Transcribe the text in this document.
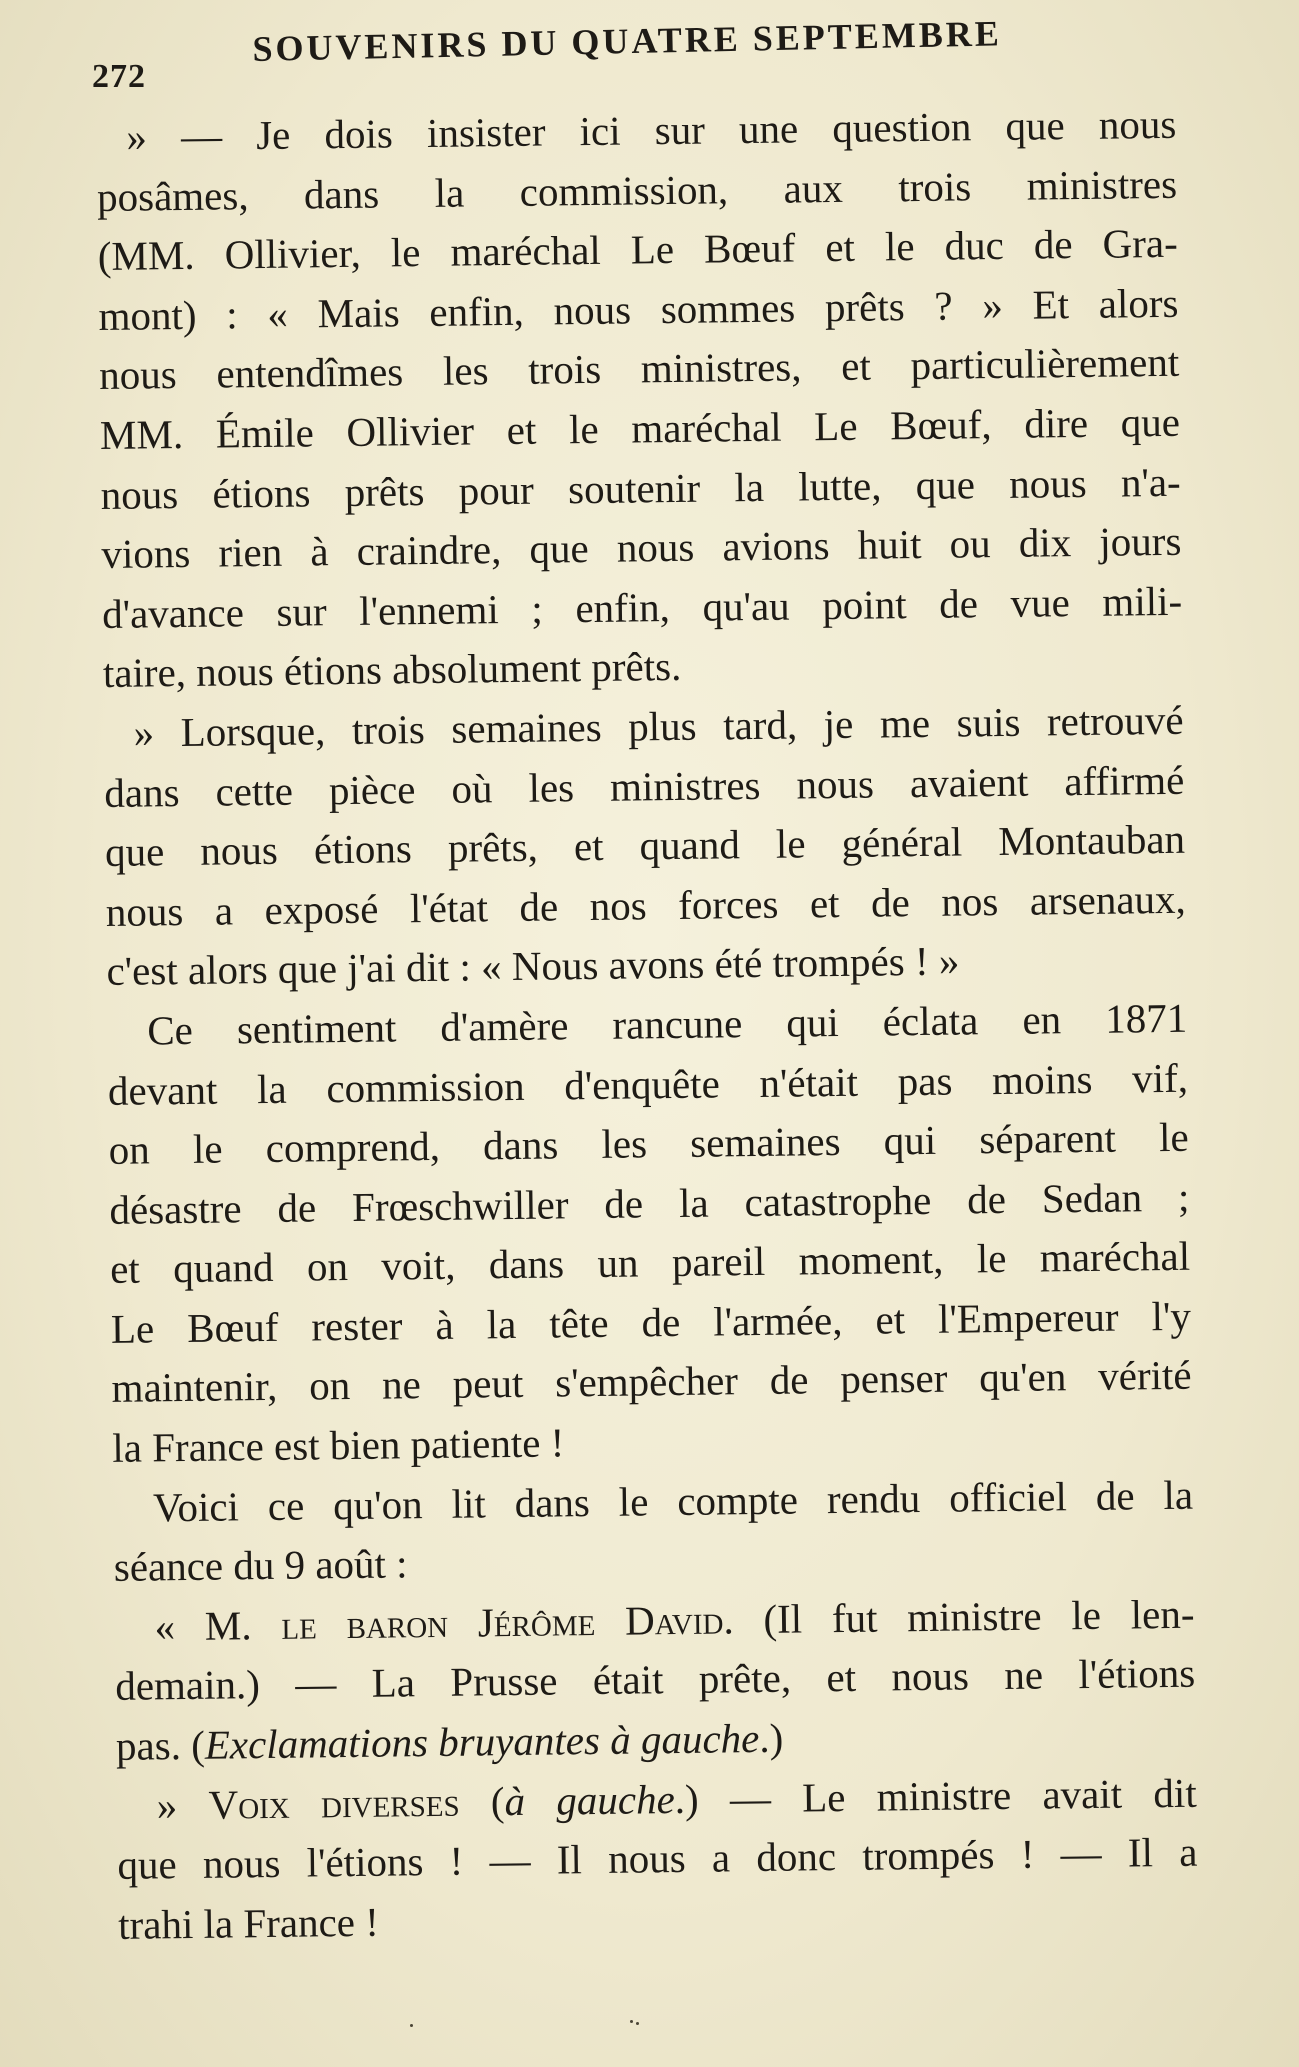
272
SOUVENIRS DU QUATRE SEPTEMBRE
» — Je dois insister ici sur une question que nous
posâmes, dans la commission, aux trois ministres
(MM. Ollivier, le maréchal Le Bœuf et le duc de Gra-
mont) : « Mais enfin, nous sommes prêts ? » Et alors
nous entendîmes les trois ministres, et particulièrement
MM. Émile Ollivier et le maréchal Le Bœuf, dire que
nous étions prêts pour soutenir la lutte, que nous n'a-
vions rien à craindre, que nous avions huit ou dix jours
d'avance sur l'ennemi ; enfin, qu'au point de vue mili-
taire, nous étions absolument prêts.
» Lorsque, trois semaines plus tard, je me suis retrouvé
dans cette pièce où les ministres nous avaient affirmé
que nous étions prêts, et quand le général Montauban
nous a exposé l'état de nos forces et de nos arsenaux,
c'est alors que j'ai dit : « Nous avons été trompés ! »
Ce sentiment d'amère rancune qui éclata en 1871
devant la commission d'enquête n'était pas moins vif,
on le comprend, dans les semaines qui séparent le
désastre de Frœschwiller de la catastrophe de Sedan ;
et quand on voit, dans un pareil moment, le maréchal
Le Bœuf rester à la tête de l'armée, et l'Empereur l'y
maintenir, on ne peut s'empêcher de penser qu'en vérité
la France est bien patiente !
Voici ce qu'on lit dans le compte rendu officiel de la
séance du 9 août :
« M. le baron Jérôme David. (Il fut ministre le len-
demain.) — La Prusse était prête, et nous ne l'étions
pas. (Exclamations bruyantes à gauche.)
» Voix diverses (à gauche.) — Le ministre avait dit
que nous l'étions ! — Il nous a donc trompés ! — Il a
trahi la France !
